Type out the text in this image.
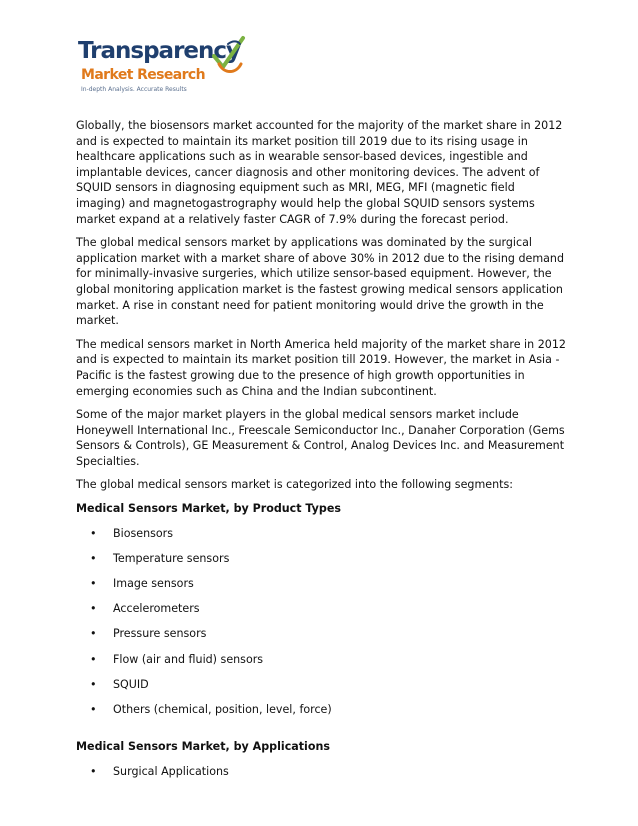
Transparency
Market Research
In-depth Analysis. Accurate Results

Globally, the biosensors market accounted for the majority of the market share in 2012 and is expected to maintain its market position till 2019 due to its rising usage in healthcare applications such as in wearable sensor-based devices, ingestible and implantable devices, cancer diagnosis and other monitoring devices. The advent of SQUID sensors in diagnosing equipment such as MRI, MEG, MFI (magnetic field imaging) and magnetogastrography would help the global SQUID sensors systems market expand at a relatively faster CAGR of 7.9% during the forecast period.

The global medical sensors market by applications was dominated by the surgical application market with a market share of above 30% in 2012 due to the rising demand for minimally-invasive surgeries, which utilize sensor-based equipment. However, the global monitoring application market is the fastest growing medical sensors application market. A rise in constant need for patient monitoring would drive the growth in the market.

The medical sensors market in North America held majority of the market share in 2012 and is expected to maintain its market position till 2019. However, the market in Asia -Pacific is the fastest growing due to the presence of high growth opportunities in emerging economies such as China and the Indian subcontinent.

Some of the major market players in the global medical sensors market include Honeywell International Inc., Freescale Semiconductor Inc., Danaher Corporation (Gems Sensors & Controls), GE Measurement & Control, Analog Devices Inc. and Measurement Specialties.

The global medical sensors market is categorized into the following segments:

Medical Sensors Market, by Product Types

• Biosensors
• Temperature sensors
• Image sensors
• Accelerometers
• Pressure sensors
• Flow (air and fluid) sensors
• SQUID
• Others (chemical, position, level, force)

Medical Sensors Market, by Applications

• Surgical Applications
